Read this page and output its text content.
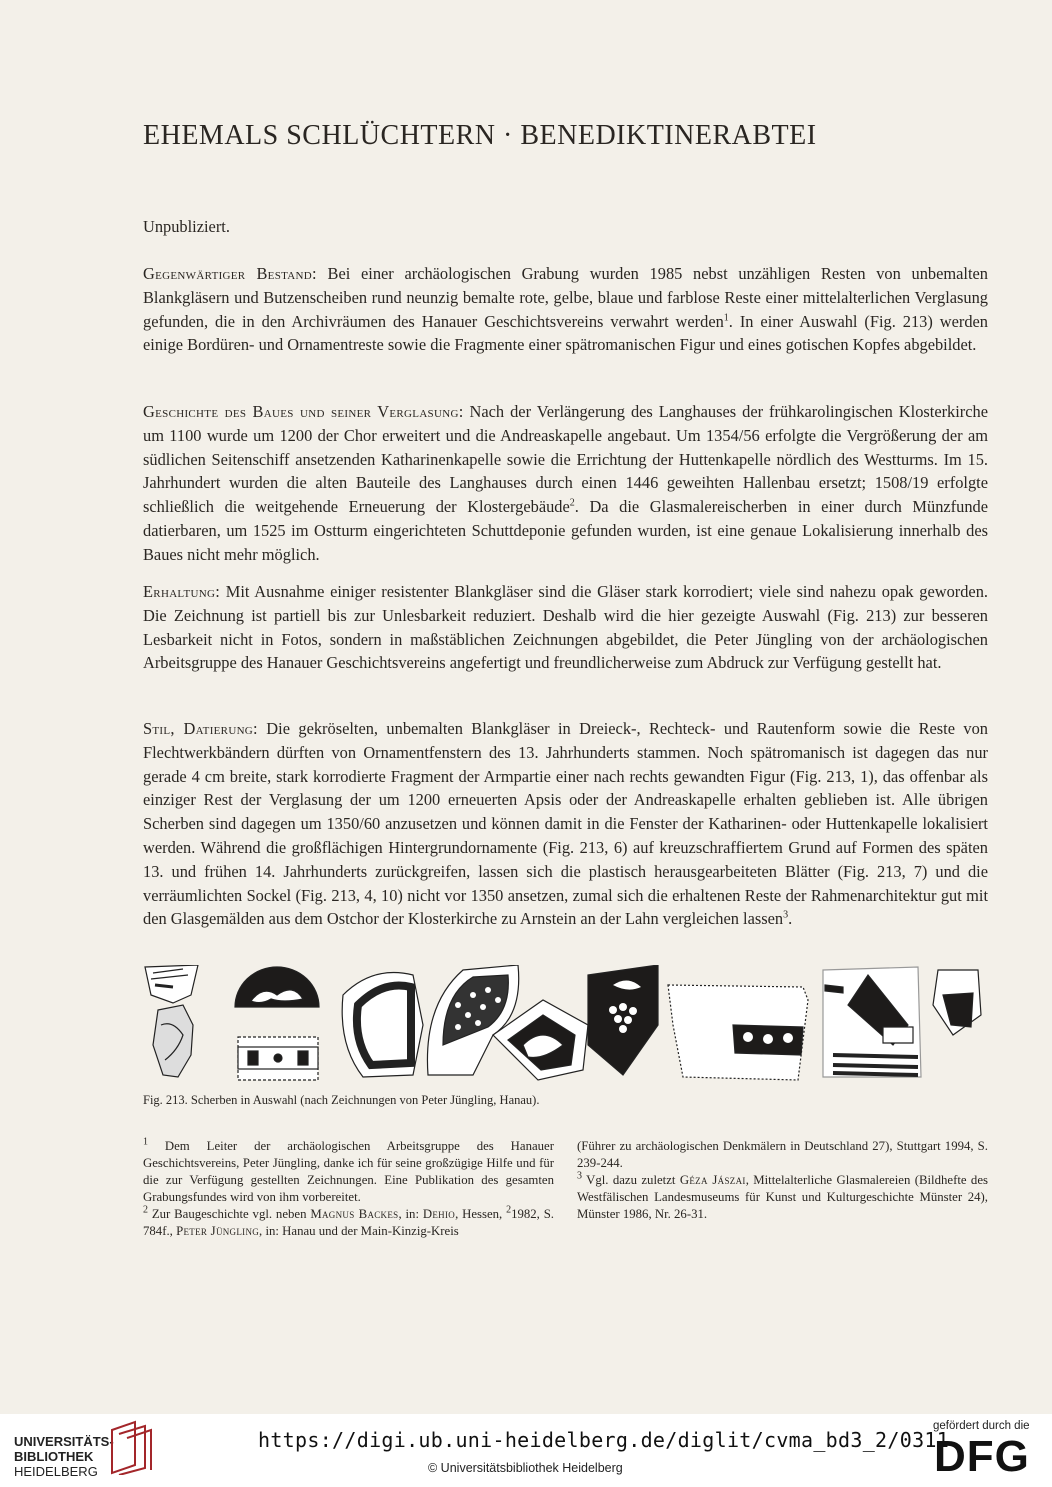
EHEMALS SCHLÜCHTERN · BENEDIKTINERABTEI
Unpubliziert.
Gegenwärtiger Bestand: Bei einer archäologischen Grabung wurden 1985 nebst unzähligen Resten von unbemalten Blankgläsern und Butzenscheiben rund neunzig bemalte rote, gelbe, blaue und farblose Reste einer mittelalterlichen Verglasung gefunden, die in den Archivräumen des Hanauer Geschichtsvereins verwahrt werden$^1$. In einer Auswahl (Fig. 213) werden einige Bordüren- und Ornamentreste sowie die Fragmente einer spätromanischen Figur und eines gotischen Kopfes abgebildet.
Geschichte des Baues und seiner Verglasung: Nach der Verlängerung des Langhauses der frühkarolingischen Klosterkirche um 1100 wurde um 1200 der Chor erweitert und die Andreaskapelle angebaut. Um 1354/56 erfolgte die Vergrößerung der am südlichen Seitenschiff ansetzenden Katharinenkapelle sowie die Errichtung der Huttenkapelle nördlich des Westturms. Im 15. Jahrhundert wurden die alten Bauteile des Langhauses durch einen 1446 geweihten Hallenbau ersetzt; 1508/19 erfolgte schließlich die weitgehende Erneuerung der Klostergebäude$^2$. Da die Glasmalereischerben in einer durch Münzfunde datierbaren, um 1525 im Ostturm eingerichteten Schuttdeponie gefunden wurden, ist eine genaue Lokalisierung innerhalb des Baues nicht mehr möglich.
Erhaltung: Mit Ausnahme einiger resistenter Blankgläser sind die Gläser stark korrodiert; viele sind nahezu opak geworden. Die Zeichnung ist partiell bis zur Unlesbarkeit reduziert. Deshalb wird die hier gezeigte Auswahl (Fig. 213) zur besseren Lesbarkeit nicht in Fotos, sondern in maßstäblichen Zeichnungen abgebildet, die Peter Jüngling von der archäologischen Arbeitsgruppe des Hanauer Geschichtsvereins angefertigt und freundlicherweise zum Abdruck zur Verfügung gestellt hat.
Stil, Datierung: Die gekröselten, unbemalten Blankgläser in Dreieck-, Rechteck- und Rautenform sowie die Reste von Flechtwerkbändern dürften von Ornamentfenstern des 13. Jahrhunderts stammen. Noch spätromanisch ist dagegen das nur gerade 4 cm breite, stark korrodierte Fragment der Armpartie einer nach rechts gewandten Figur (Fig. 213, 1), das offenbar als einziger Rest der Verglasung der um 1200 erneuerten Apsis oder der Andreaskapelle erhalten geblieben ist. Alle übrigen Scherben sind dagegen um 1350/60 anzusetzen und können damit in die Fenster der Katharinen- oder Huttenkapelle lokalisiert werden. Während die großflächigen Hintergrundornamente (Fig. 213, 6) auf kreuzschraffiertem Grund auf Formen des späten 13. und frühen 14. Jahrhunderts zurückgreifen, lassen sich die plastisch herausgearbeiteten Blätter (Fig. 213, 7) und die verräumlichten Sockel (Fig. 213, 4, 10) nicht vor 1350 ansetzen, zumal sich die erhaltenen Reste der Rahmenarchitektur gut mit den Glasgemälden aus dem Ostchor der Klosterkirche zu Arnstein an der Lahn vergleichen lassen$^3$.
Fig. 213. Scherben in Auswahl (nach Zeichnungen von Peter Jüngling, Hanau).

$^1$ Dem Leiter der archäologischen Arbeitsgruppe des Hanauer Geschichtsvereins, Peter Jüngling, danke ich für seine großzügige Hilfe und für die zur Verfügung gestellten Zeichnungen. Eine Publikation des gesamten Grabungsfundes wird von ihm vorbereitet.

$^2$ Zur Baugeschichte vgl. neben Magnus Backes, in: Dehio, Hessen, $^2$1982, S. 784f., Peter Jüngling, in: Hanau und der Main-Kinzig-Kreis

(Führer zu archäologischen Denkmälern in Deutschland 27), Stuttgart 1994, S. 239-244.

$^3$ Vgl. dazu zuletzt Géza Jászai, Mittelalterliche Glasmalereien (Bildhefte des Westfälischen Landesmuseums für Kunst und Kulturgeschichte Münster 24), Münster 1986, Nr. 26-31.

UNIVERSITÄTS-
BIBLIOTHEK
HEIDELBERG
https://digi.ub.uni-heidelberg.de/diglit/cvma_bd3_2/0311
© Universitätsbibliothek Heidelberg
gefördert durch die
DFG
